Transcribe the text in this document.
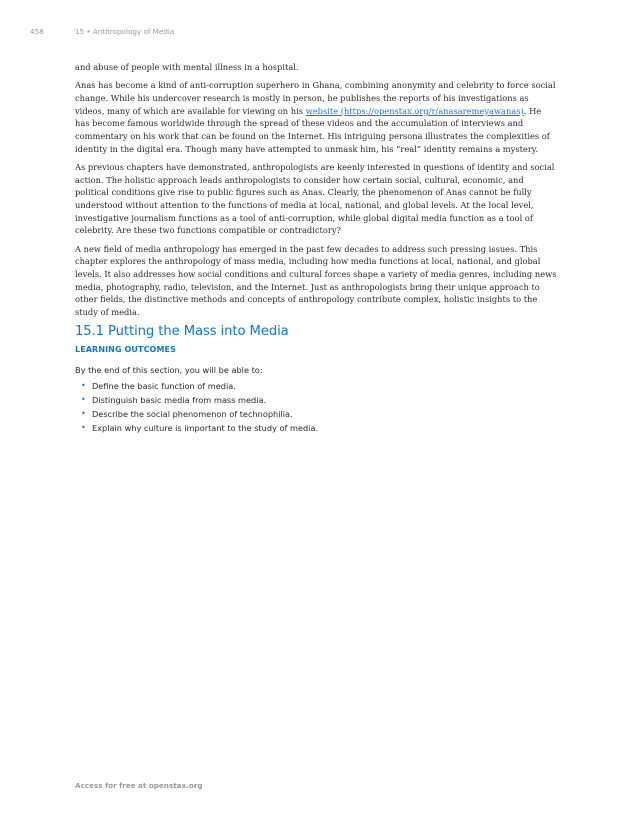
458	15 • Anthropology of Media

and abuse of people with mental illness in a hospital.

Anas has become a kind of anti-corruption superhero in Ghana, combining anonymity and celebrity to force social change. While his undercover research is mostly in person, he publishes the reports of his investigations as videos, many of which are available for viewing on his website (https://openstax.org/r/anasaremeyawanas). He has become famous worldwide through the spread of these videos and the accumulation of interviews and commentary on his work that can be found on the Internet. His intriguing persona illustrates the complexities of identity in the digital era. Though many have attempted to unmask him, his “real” identity remains a mystery.

As previous chapters have demonstrated, anthropologists are keenly interested in questions of identity and social action. The holistic approach leads anthropologists to consider how certain social, cultural, economic, and political conditions give rise to public figures such as Anas. Clearly, the phenomenon of Anas cannot be fully understood without attention to the functions of media at local, national, and global levels. At the local level, investigative journalism functions as a tool of anti-corruption, while global digital media function as a tool of celebrity. Are these two functions compatible or contradictory?

A new field of media anthropology has emerged in the past few decades to address such pressing issues. This chapter explores the anthropology of mass media, including how media functions at local, national, and global levels. It also addresses how social conditions and cultural forces shape a variety of media genres, including news media, photography, radio, television, and the Internet. Just as anthropologists bring their unique approach to other fields, the distinctive methods and concepts of anthropology contribute complex, holistic insights to the study of media.

15.1 Putting the Mass into Media
LEARNING OUTCOMES
By the end of this section, you will be able to:
• Define the basic function of media.
• Distinguish basic media from mass media.
• Describe the social phenomenon of technophilia.
• Explain why culture is important to the study of media.
Access for free at openstax.org
